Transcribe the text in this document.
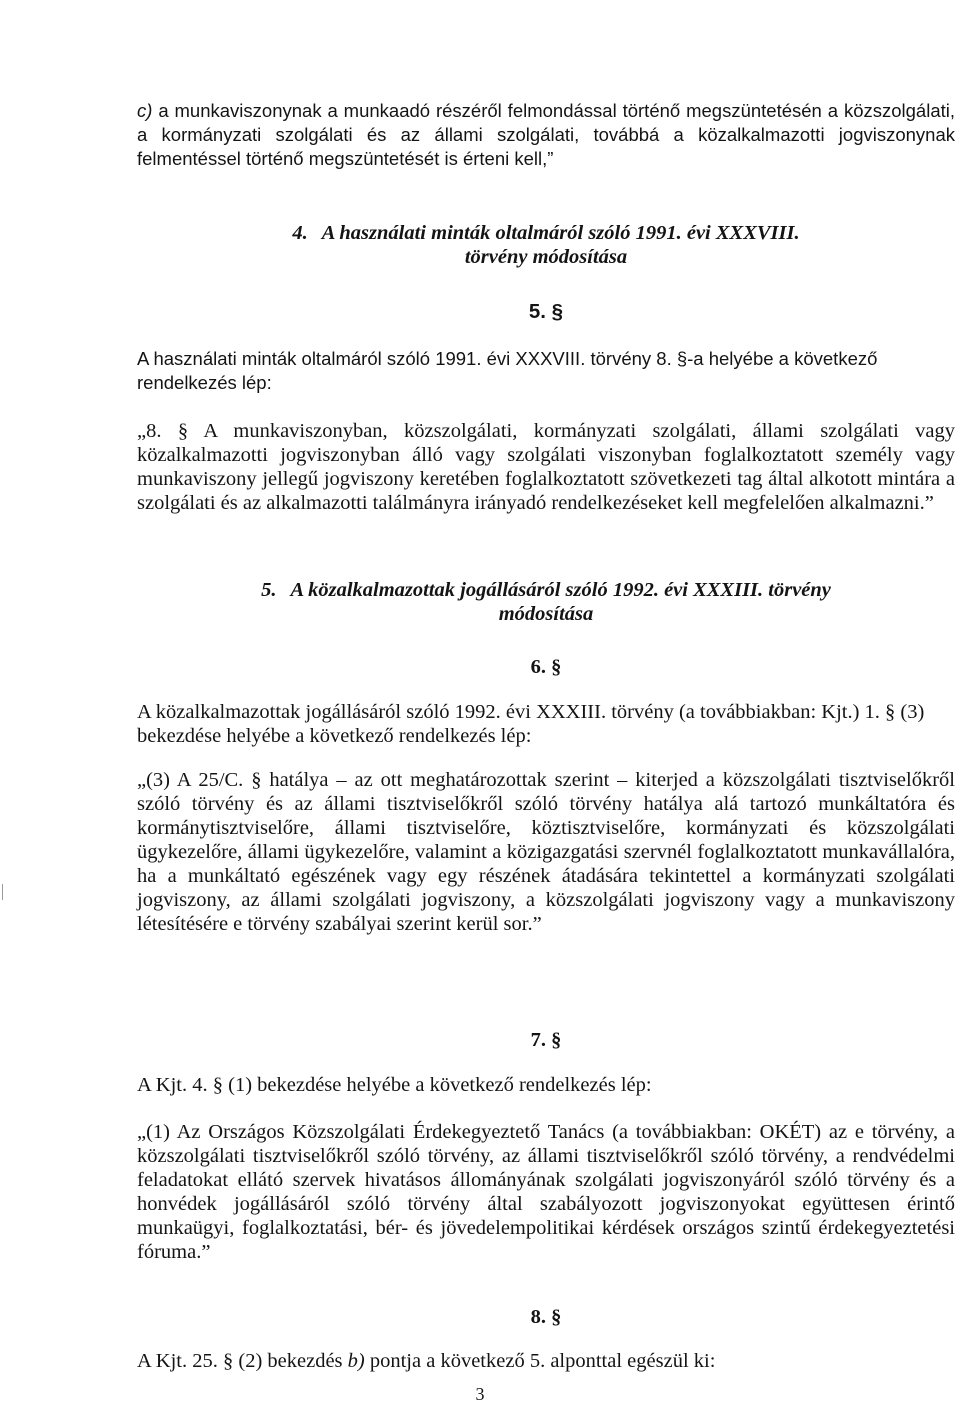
c) a munkaviszonynak a munkaadó részéről felmondással történő megszüntetésén a közszolgálati, a kormányzati szolgálati és az állami szolgálati, továbbá a közalkalmazotti jogviszonynak felmentéssel történő megszüntetését is érteni kell,”

4. A használati minták oltalmáról szóló 1991. évi XXXVIII.
törvény módosítása
5. §

A használati minták oltalmáról szóló 1991. évi XXXVIII. törvény 8. §-a helyébe a következő rendelkezés lép:

„8. § A munkaviszonyban, közszolgálati, kormányzati szolgálati, állami szolgálati vagy közalkalmazotti jogviszonyban álló vagy szolgálati viszonyban foglalkoztatott személy vagy munkaviszony jellegű jogviszony keretében foglalkoztatott szövetkezeti tag által alkotott mintára a szolgálati és az alkalmazotti találmányra irányadó rendelkezéseket kell megfelelően alkalmazni.”

5. A közalkalmazottak jogállásáról szóló 1992. évi XXXIII. törvény
módosítása
6. §

A közalkalmazottak jogállásáról szóló 1992. évi XXXIII. törvény (a továbbiakban: Kjt.) 1. § (3) bekezdése helyébe a következő rendelkezés lép:

„(3) A 25/C. § hatálya – az ott meghatározottak szerint – kiterjed a közszolgálati tisztviselőkről szóló törvény és az állami tisztviselőkről szóló törvény hatálya alá tartozó munkáltatóra és kormánytisztviselőre, állami tisztviselőre, köztisztviselőre, kormányzati és közszolgálati ügykezelőre, állami ügykezelőre, valamint a közigazgatási szervnél foglalkoztatott munkavállalóra, ha a munkáltató egészének vagy egy részének átadására tekintettel a kormányzati szolgálati jogviszony, az állami szolgálati jogviszony, a közszolgálati jogviszony vagy a munkaviszony létesítésére e törvény szabályai szerint kerül sor.”

7. §

A Kjt. 4. § (1) bekezdése helyébe a következő rendelkezés lép:

„(1) Az Országos Közszolgálati Érdekegyeztető Tanács (a továbbiakban: OKÉT) az e törvény, a közszolgálati tisztviselőkről szóló törvény, az állami tisztviselőkről szóló törvény, a rendvédelmi feladatokat ellátó szervek hivatásos állományának szolgálati jogviszonyáról szóló törvény és a honvédek jogállásáról szóló törvény által szabályozott jogviszonyokat együttesen érintő munkaügyi, foglalkoztatási, bér- és jövedelempolitikai kérdések országos szintű érdekegyeztetési fóruma.”

8. §

A Kjt. 25. § (2) bekezdés b) pontja a következő 5. alponttal egészül ki:

3
